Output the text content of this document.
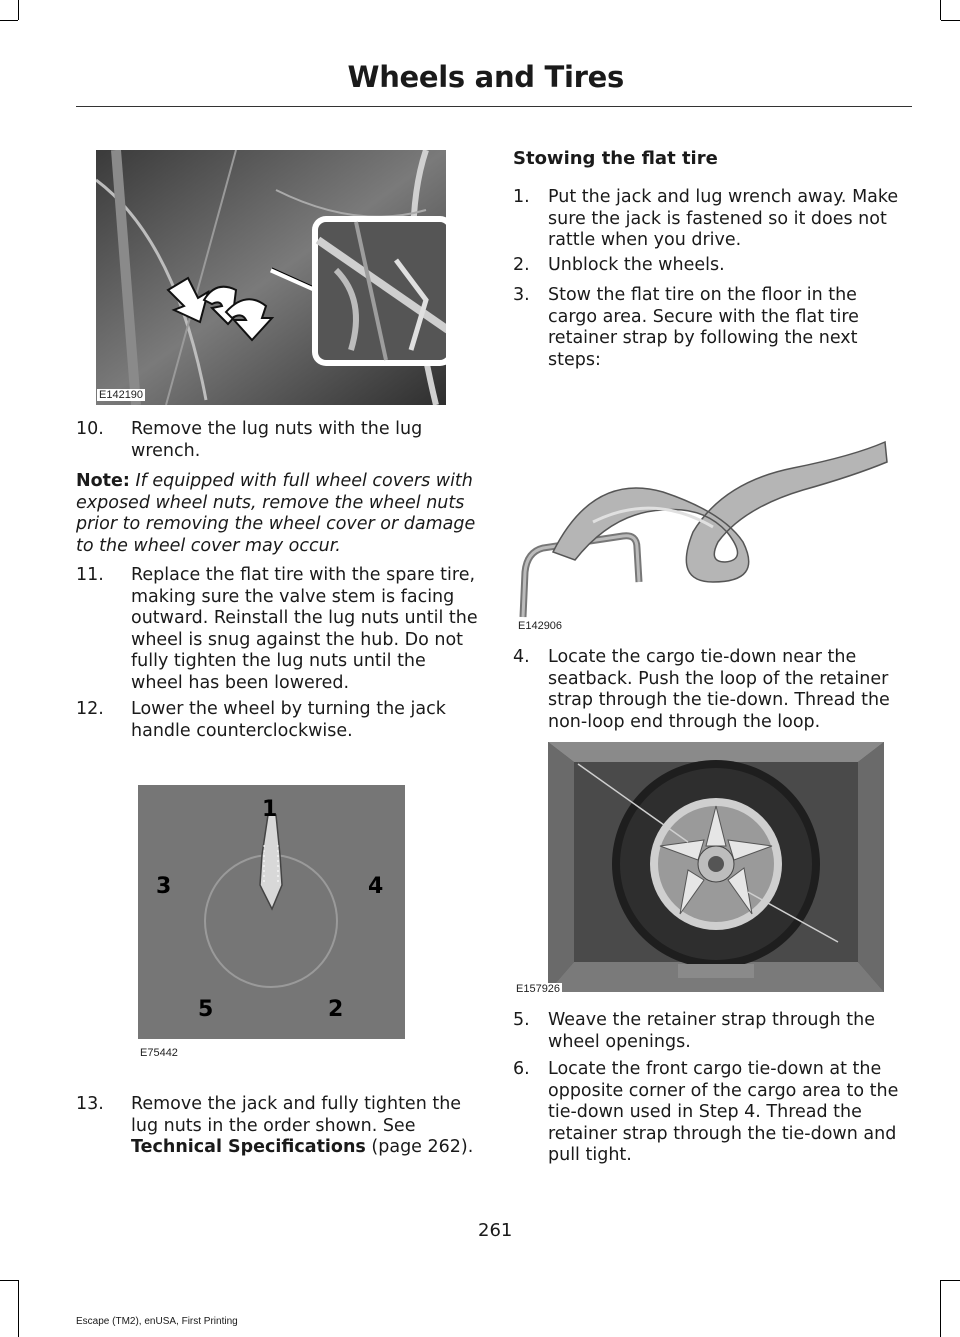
Wheels and Tires
E142190
10.	Remove the lug nuts with the lug wrench.
Note: If equipped with full wheel covers with exposed wheel nuts, remove the wheel nuts prior to removing the wheel cover or damage to the wheel cover may occur.
11.	Replace the flat tire with the spare tire, making sure the valve stem is facing outward. Reinstall the lug nuts until the wheel is snug against the hub. Do not fully tighten the lug nuts until the wheel has been lowered.
12.	Lower the wheel by turning the jack handle counterclockwise.
1
2
3	4
5
E75442
13.	Remove the jack and fully tighten the lug nuts in the order shown. See Technical Specifications (page 262).
Stowing the flat tire
1.	Put the jack and lug wrench away. Make sure the jack is fastened so it does not rattle when you drive.
2.	Unblock the wheels.
3.	Stow the flat tire on the floor in the cargo area. Secure with the flat tire retainer strap by following the next steps:
E142906
4.	Locate the cargo tie-down near the seatback. Push the loop of the retainer strap through the tie-down. Thread the non-loop end through the loop.
E157926
5.	Weave the retainer strap through the wheel openings.
6.	Locate the front cargo tie-down at the opposite corner of the cargo area to the tie-down used in Step 4. Thread the retainer strap through the tie-down and pull tight.
261
Escape (TM2), enUSA, First Printing
